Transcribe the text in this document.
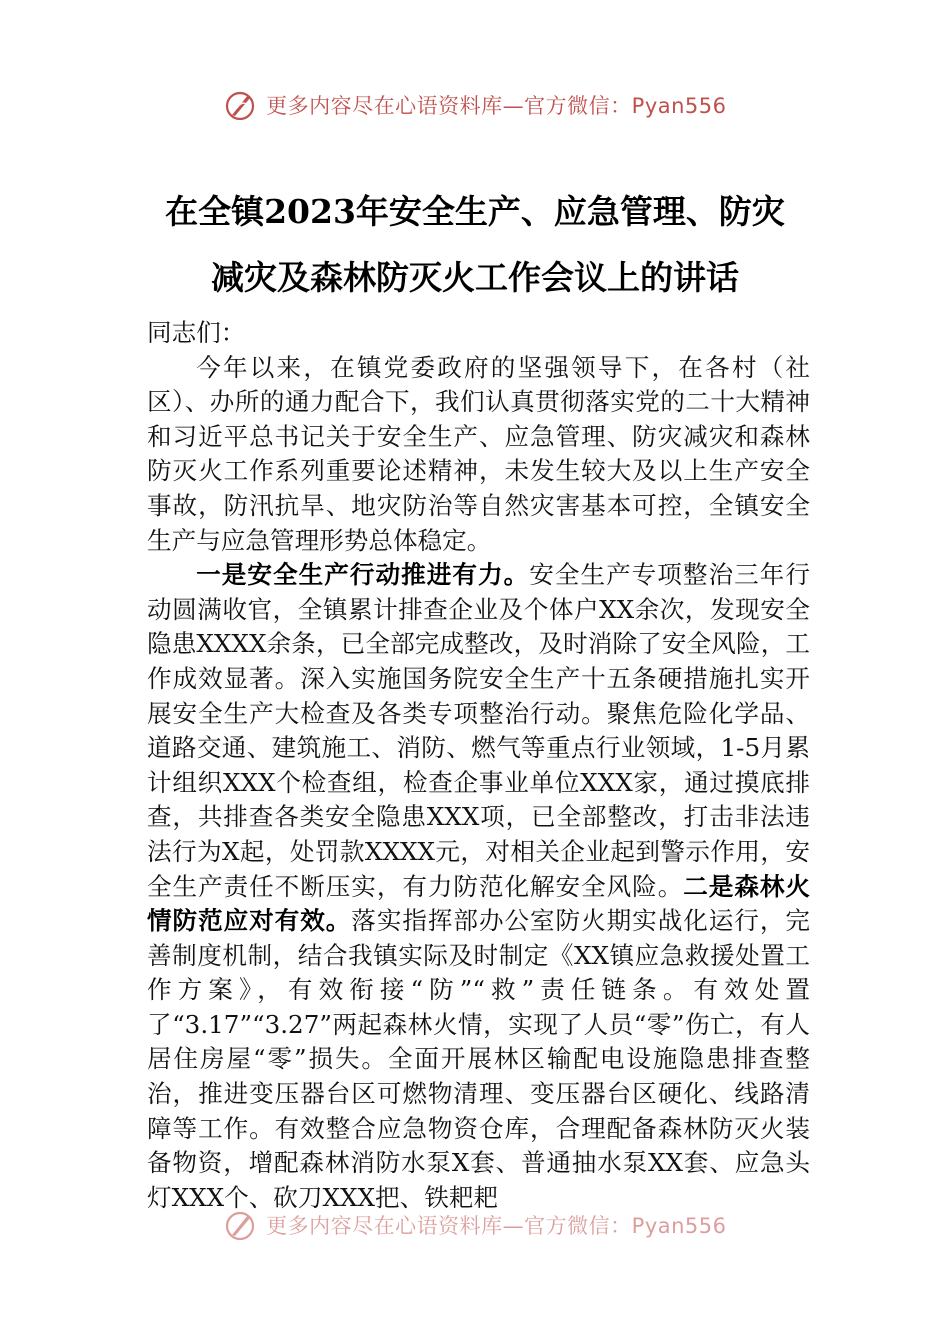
更多内容尽在心语资料库—官方微信：Pyan556
在全镇2023年安全生产、应急管理、防灾
减灾及森林防灭火工作会议上的讲话

同志们：

今年以来，在镇党委政府的坚强领导下，在各村（社区）、办所的通力配合下，我们认真贯彻落实党的二十大精神和习近平总书记关于安全生产、应急管理、防灾减灾和森林防灭火工作系列重要论述精神，未发生较大及以上生产安全事故，防汛抗旱、地灾防治等自然灾害基本可控，全镇安全生产与应急管理形势总体稳定。

一是安全生产行动推进有力。安全生产专项整治三年行动圆满收官，全镇累计排查企业及个体户XX余次，发现安全隐患XXXX余条，已全部完成整改，及时消除了安全风险，工作成效显著。深入实施国务院安全生产十五条硬措施扎实开展安全生产大检查及各类专项整治行动。聚焦危险化学品、道路交通、建筑施工、消防、燃气等重点行业领域，1-5月累计组织XXX个检查组，检查企事业单位XXX家，通过摸底排查，共排查各类安全隐患XXX项，已全部整改，打击非法违法行为X起，处罚款XXXX元，对相关企业起到警示作用，安全生产责任不断压实，有力防范化解安全风险。二是森林火情防范应对有效。落实指挥部办公室防火期实战化运行，完善制度机制，结合我镇实际及时制定《XX镇应急救援处置工作方案》，有效衔接“防”“救”责任链条。有效处置了“3.17”“3.27”两起森林火情，实现了人员“零”伤亡，有人居住房屋“零”损失。全面开展林区输配电设施隐患排查整治，推进变压器台区可燃物清理、变压器台区硬化、线路清障等工作。有效整合应急物资仓库，合理配备森林防灭火装备物资，增配森林消防水泵X套、普通抽水泵XX套、应急头灯XXX个、砍刀XXX把、铁耙耙

更多内容尽在心语资料库—官方微信：Pyan556
